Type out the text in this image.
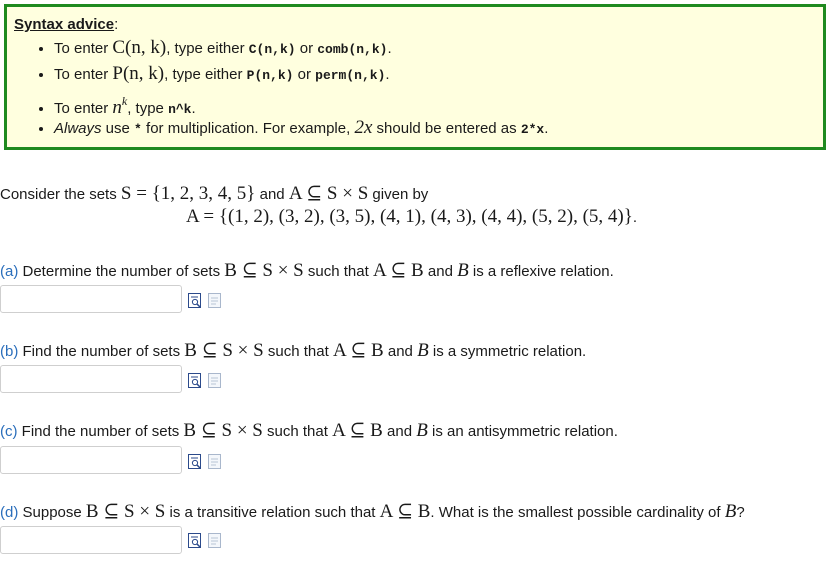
Syntax advice:
• To enter C(n, k), type either C(n,k) or comb(n,k).
• To enter P(n, k), type either P(n,k) or perm(n,k).
• To enter $n^k$, type n^k.
• Always use * for multiplication. For example, 2x should be entered as 2*x.
Consider the sets S = {1, 2, 3, 4, 5} and A ⊆ S × S given by
A = {(1, 2), (3, 2), (3, 5), (4, 1), (4, 3), (4, 4), (5, 2), (5, 4)}.
(a) Determine the number of sets B ⊆ S × S such that A ⊆ B and B is a reflexive relation.
(b) Find the number of sets B ⊆ S × S such that A ⊆ B and B is a symmetric relation.
(c) Find the number of sets B ⊆ S × S such that A ⊆ B and B is an antisymmetric relation.
(d) Suppose B ⊆ S × S is a transitive relation such that A ⊆ B. What is the smallest possible cardinality of B?
